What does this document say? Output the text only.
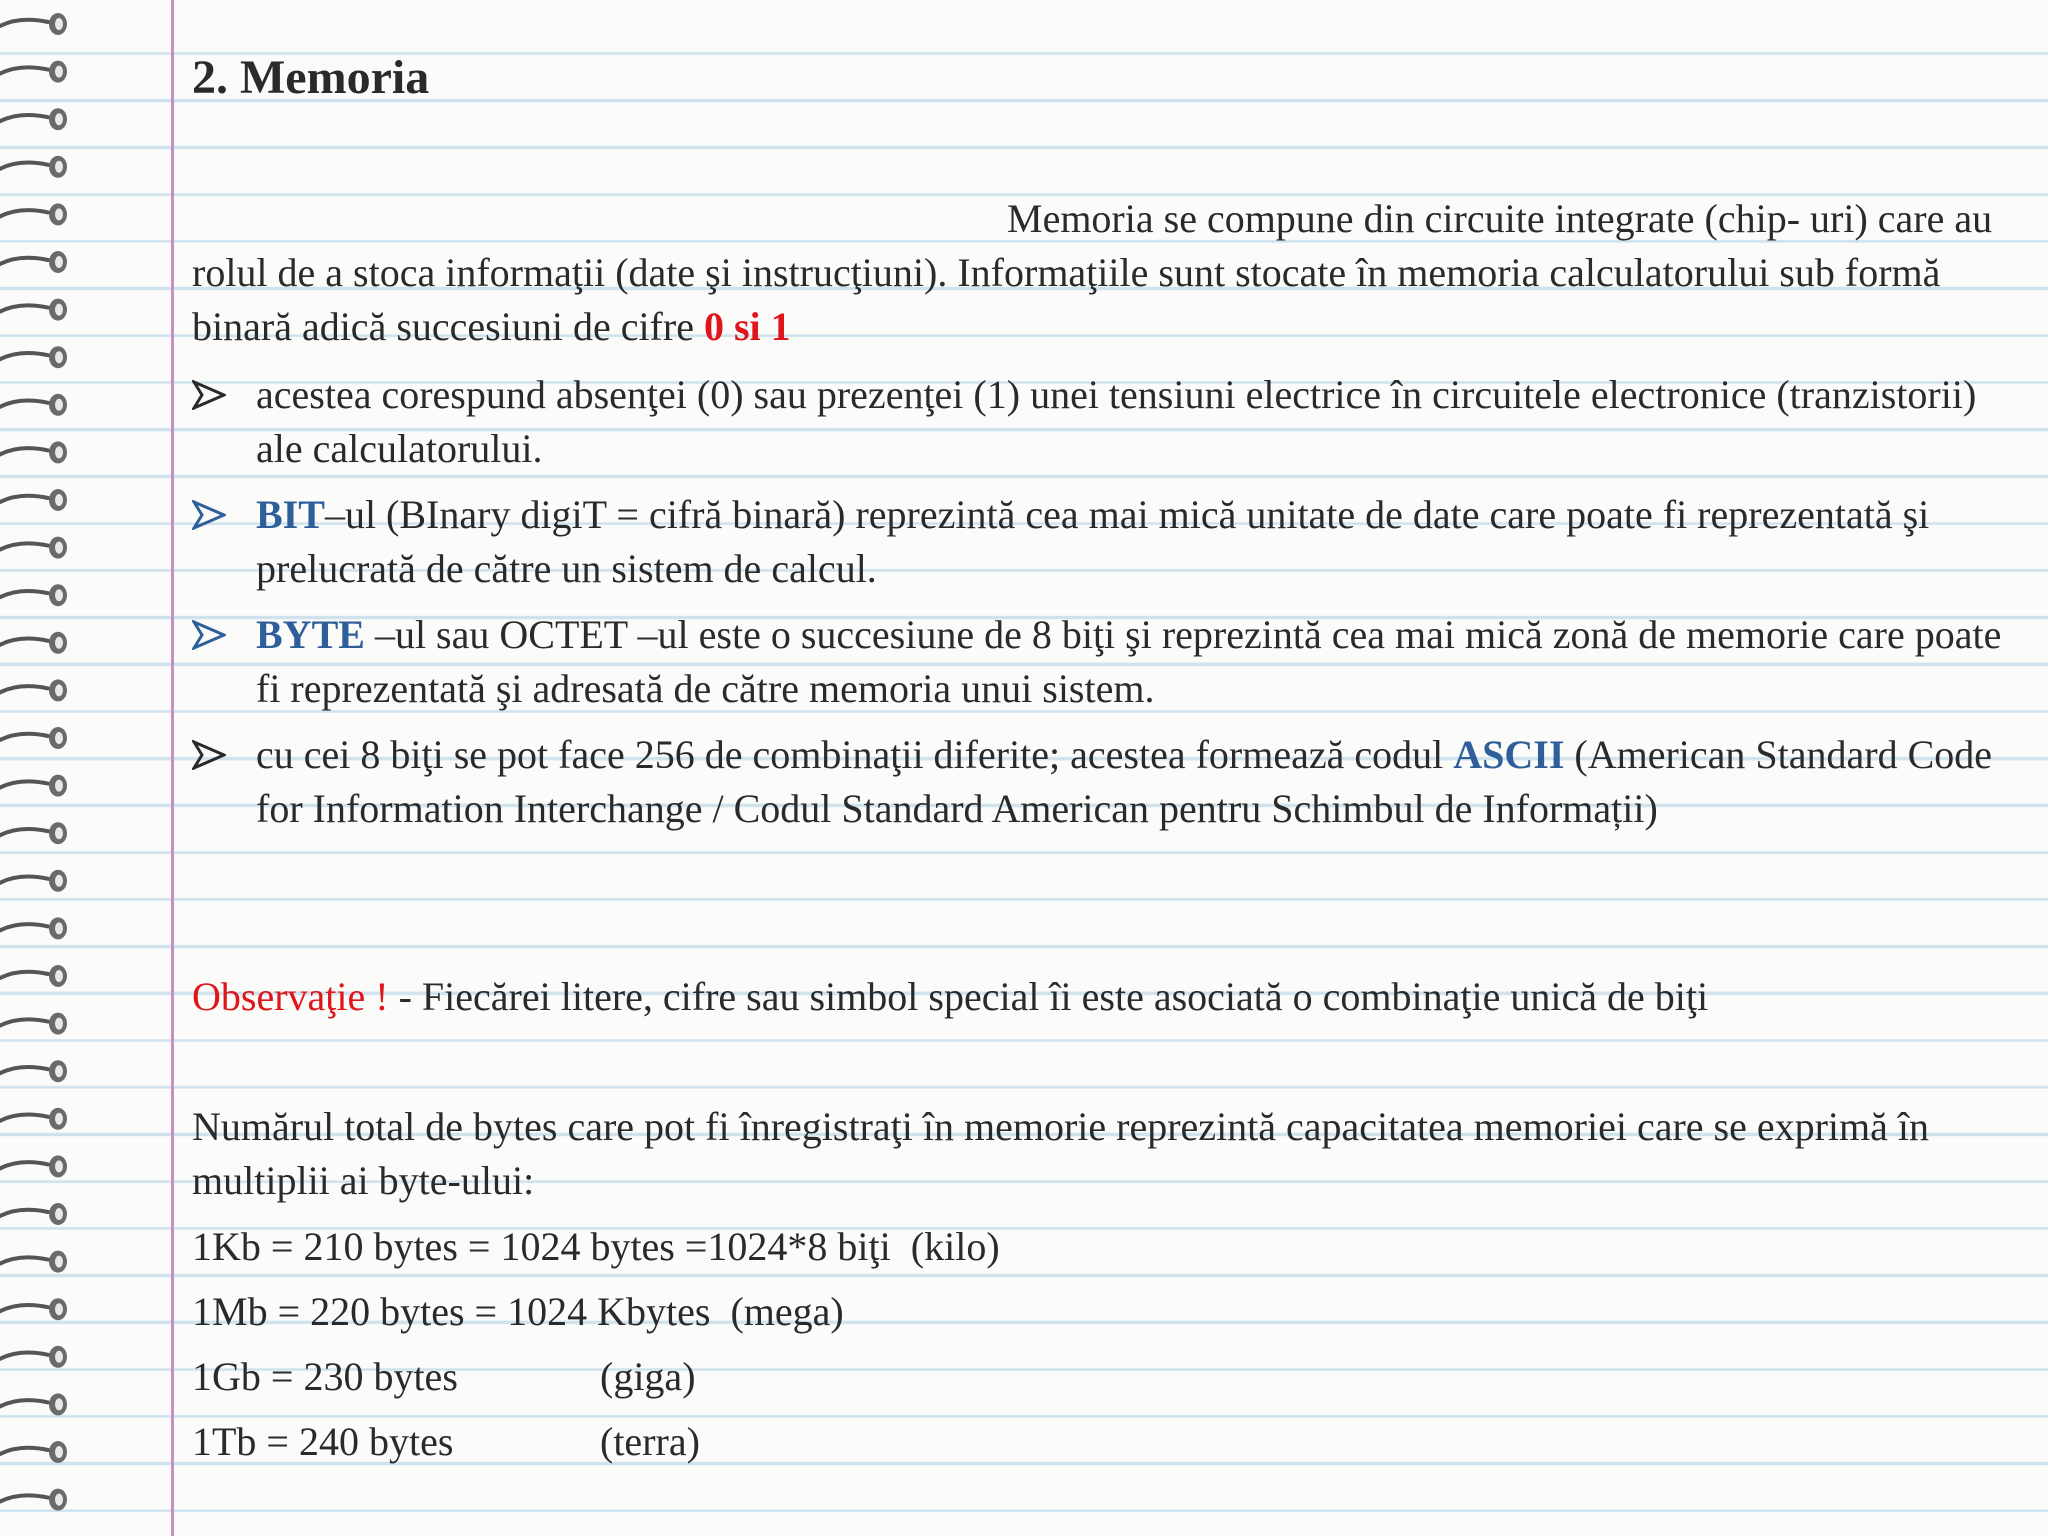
2. Memoria
Memoria se compune din circuite integrate (chip- uri) care au rolul de a stoca informaţii (date şi instrucţiuni). Informaţiile sunt stocate în memoria calculatorului sub formă binară adică succesiuni de cifre 0 si 1
acestea corespund absenţei (0) sau prezenţei (1) unei tensiuni electrice în circuitele electronice (tranzistorii) ale calculatorului.
BIT–ul (BInary digiT = cifră binară) reprezintă cea mai mică unitate de date care poate fi reprezentată şi prelucrată de către un sistem de calcul.
BYTE –ul sau OCTET –ul este o succesiune de 8 biţi şi reprezintă cea mai mică zonă de memorie care poate fi reprezentată şi adresată de către memoria unui sistem.
cu cei 8 biţi se pot face 256 de combinaţii diferite; acestea formează codul ASCII (American Standard Code for Information Interchange / Codul Standard American pentru Schimbul de Informații)
Observaţie ! - Fiecărei litere, cifre sau simbol special îi este asociată o combinaţie unică de biţi
Numărul total de bytes care pot fi înregistraţi în memorie reprezintă capacitatea memoriei care se exprimă în multiplii ai byte-ului:
1Kb = 210 bytes = 1024 bytes =1024*8 biţi (kilo)
1Mb = 220 bytes = 1024 Kbytes (mega)
1Gb = 230 bytes	(giga)
1Tb = 240 bytes	(terra)
